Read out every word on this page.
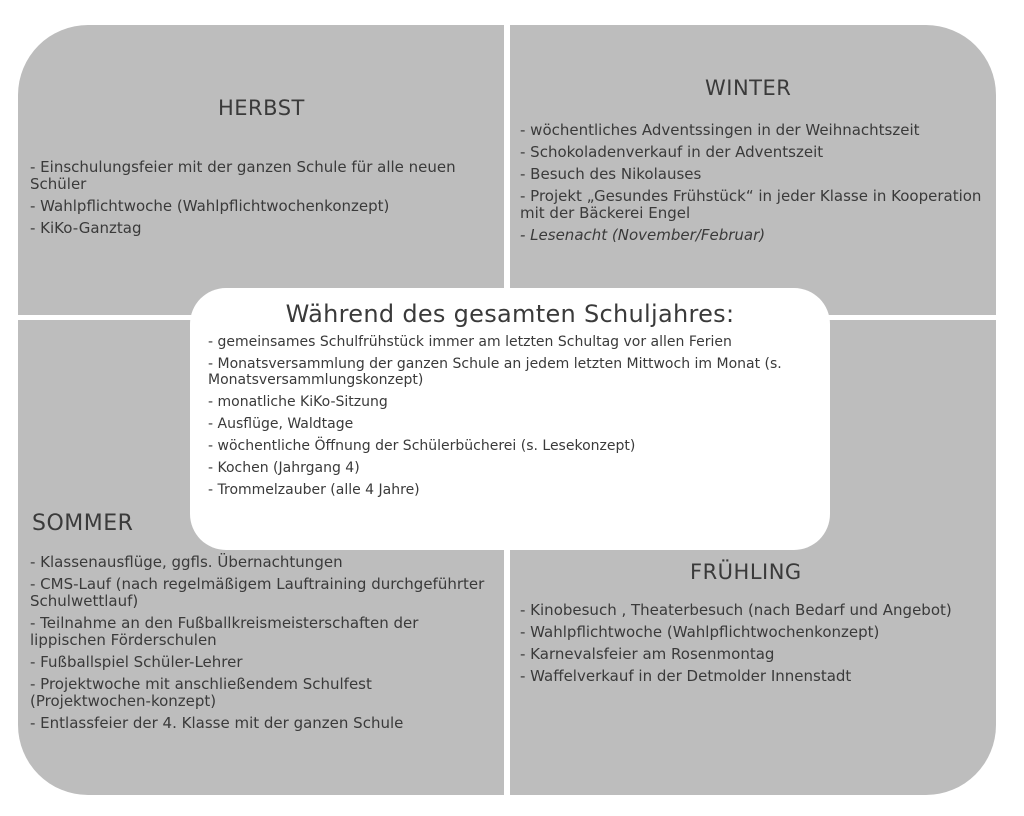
HERBST
- Einschulungsfeier mit der ganzen Schule für alle neuen Schüler
- Wahlpflichtwoche (Wahlpflichtwochenkonzept)
- KiKo-Ganztag
WINTER
- wöchentliches Adventssingen in der Weihnachtszeit
- Schokoladenverkauf in der Adventszeit
- Besuch des Nikolauses
- Projekt „Gesundes Frühstück“ in jeder Klasse in Kooperation mit der Bäckerei Engel
- Lesenacht (November/Februar)
SOMMER
- Klassenausflüge, ggfls. Übernachtungen
- CMS-Lauf (nach regelmäßigem Lauftraining durchgeführter Schulwettlauf)
- Teilnahme an den Fußballkreismeisterschaften der lippischen Förderschulen
- Fußballspiel Schüler-Lehrer
- Projektwoche mit anschließendem Schulfest (Projektwochen-konzept)
- Entlassfeier der 4. Klasse mit der ganzen Schule
FRÜHLING
- Kinobesuch , Theaterbesuch (nach Bedarf und Angebot)
- Wahlpflichtwoche (Wahlpflichtwochenkonzept)
- Karnevalsfeier am Rosenmontag
- Waffelverkauf in der Detmolder Innenstadt
Während des gesamten Schuljahres:
- gemeinsames Schulfrühstück immer am letzten Schultag vor allen Ferien
- Monatsversammlung der ganzen Schule an jedem letzten Mittwoch im Monat (s. Monatsversammlungskonzept)
- monatliche KiKo-Sitzung
- Ausflüge, Waldtage
- wöchentliche Öffnung der Schülerbücherei (s. Lesekonzept)
- Kochen (Jahrgang 4)
- Trommelzauber (alle 4 Jahre)
